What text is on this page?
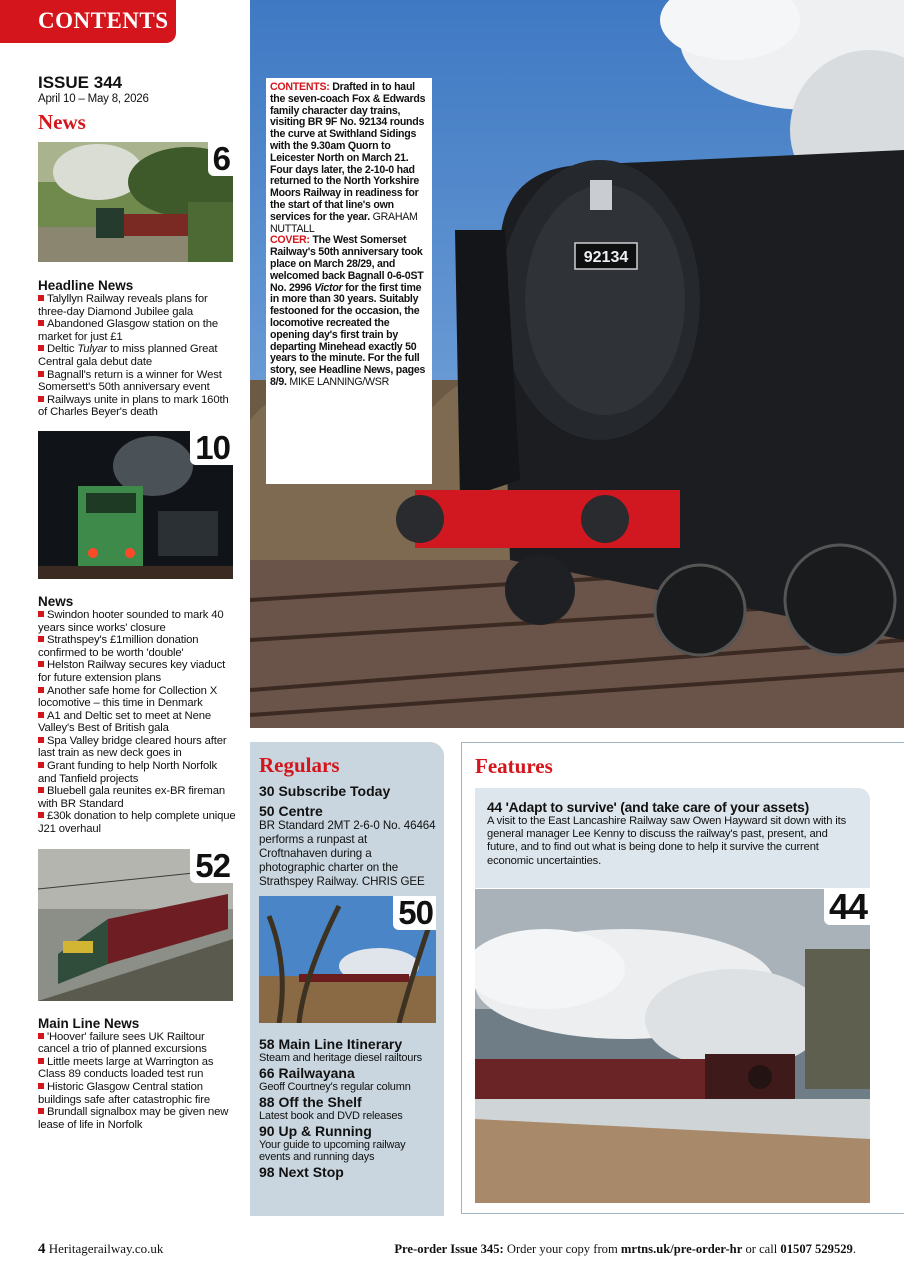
CONTENTS
ISSUE 344
April 10 – May 8, 2026
News
6
Headline News
Talyllyn Railway reveals plans for three-day Diamond Jubilee gala
Abandoned Glasgow station on the market for just £1
Deltic Tulyar to miss planned Great Central gala debut date
Bagnall's return is a winner for West Somersett's 50th anniversary event
Railways unite in plans to mark 160th of Charles Beyer's death
10
News
Swindon hooter sounded to mark 40 years since works' closure
Strathspey's £1million donation confirmed to be worth 'double'
Helston Railway secures key viaduct for future extension plans
Another safe home for Collection X locomotive – this time in Denmark
A1 and Deltic set to meet at Nene Valley's Best of British gala
Spa Valley bridge cleared hours after last train as new deck goes in
Grant funding to help North Norfolk and Tanfield projects
Bluebell gala reunites ex-BR fireman with BR Standard
£30k donation to help complete unique J21 overhaul
52
Main Line News
'Hoover' failure sees UK Railtour cancel a trio of planned excursions
Little meets large at Warrington as Class 89 conducts loaded test run
Historic Glasgow Central station buildings safe after catastrophic fire
Brundall signalbox may be given new lease of life in Norfolk
92134
CONTENTS: Drafted in to haul the seven-coach Fox & Edwards family character day trains, visiting BR 9F No. 92134 rounds the curve at Swithland Sidings with the 9.30am Quorn to Leicester North on March 21. Four days later, the 2-10-0 had returned to the North Yorkshire Moors Railway in readiness for the start of that line's own services for the year. GRAHAM NUTTALL
COVER: The West Somerset Railway's 50th anniversary took place on March 28/29, and welcomed back Bagnall 0-6-0ST No. 2996 Victor for the first time in more than 30 years. Suitably festooned for the occasion, the locomotive recreated the opening day's first train by departing Minehead exactly 50 years to the minute. For the full story, see Headline News, pages 8/9. MIKE LANNING/WSR
Regulars
30 Subscribe Today
50 Centre
BR Standard 2MT 2-6-0 No. 46464 performs a runpast at Croftnahaven during a photographic charter on the Strathspey Railway. CHRIS GEE
50
58 Main Line Itinerary
Steam and heritage diesel railtours
66 Railwayana
Geoff Courtney's regular column
88 Off the Shelf
Latest book and DVD releases
90 Up & Running
Your guide to upcoming railway events and running days
98 Next Stop
Features
44 'Adapt to survive' (and take care of your assets)
A visit to the East Lancashire Railway saw Owen Hayward sit down with its general manager Lee Kenny to discuss the railway's past, present, and future, and to find out what is being done to help it survive the current economic uncertainties.
44
4 Heritagerailway.co.uk	Pre-order Issue 345: Order your copy from mrtns.uk/pre-order-hr or call 01507 529529.
